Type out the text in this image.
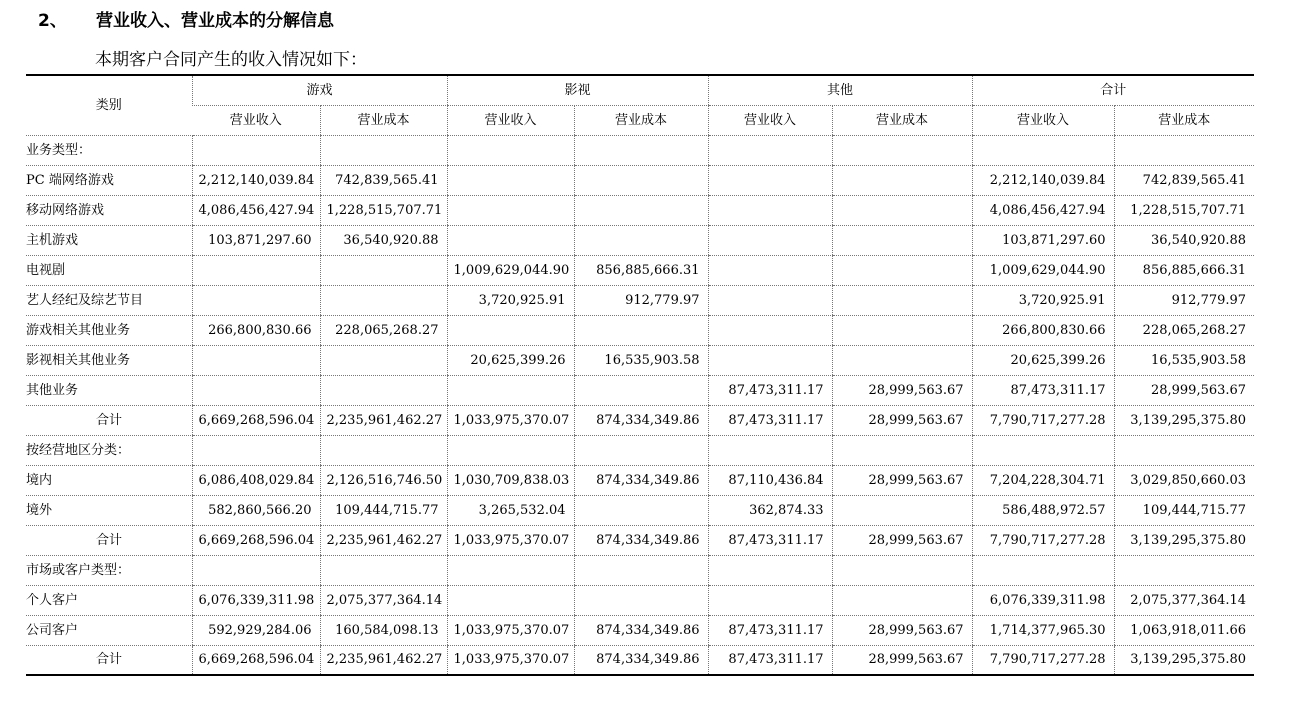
2、 营业收入、营业成本的分解信息
本期客户合同产生的收入情况如下：
类别	游戏		影视		其他		合计	
	营业收入	营业成本	营业收入	营业成本	营业收入	营业成本	营业收入	营业成本
业务类型：								
PC 端网络游戏	2,212,140,039.84	742,839,565.41					2,212,140,039.84	742,839,565.41
移动网络游戏	4,086,456,427.94	1,228,515,707.71					4,086,456,427.94	1,228,515,707.71
主机游戏	103,871,297.60	36,540,920.88					103,871,297.60	36,540,920.88
电视剧			1,009,629,044.90	856,885,666.31			1,009,629,044.90	856,885,666.31
艺人经纪及综艺节目			3,720,925.91	912,779.97			3,720,925.91	912,779.97
游戏相关其他业务	266,800,830.66	228,065,268.27					266,800,830.66	228,065,268.27
影视相关其他业务			20,625,399.26	16,535,903.58			20,625,399.26	16,535,903.58
其他业务					87,473,311.17	28,999,563.67	87,473,311.17	28,999,563.67
合计	6,669,268,596.04	2,235,961,462.27	1,033,975,370.07	874,334,349.86	87,473,311.17	28,999,563.67	7,790,717,277.28	3,139,295,375.80
按经营地区分类：								
境内	6,086,408,029.84	2,126,516,746.50	1,030,709,838.03	874,334,349.86	87,110,436.84	28,999,563.67	7,204,228,304.71	3,029,850,660.03
境外	582,860,566.20	109,444,715.77	3,265,532.04		362,874.33		586,488,972.57	109,444,715.77
合计	6,669,268,596.04	2,235,961,462.27	1,033,975,370.07	874,334,349.86	87,473,311.17	28,999,563.67	7,790,717,277.28	3,139,295,375.80
市场或客户类型：								
个人客户	6,076,339,311.98	2,075,377,364.14					6,076,339,311.98	2,075,377,364.14
公司客户	592,929,284.06	160,584,098.13	1,033,975,370.07	874,334,349.86	87,473,311.17	28,999,563.67	1,714,377,965.30	1,063,918,011.66
合计	6,669,268,596.04	2,235,961,462.27	1,033,975,370.07	874,334,349.86	87,473,311.17	28,999,563.67	7,790,717,277.28	3,139,295,375.80
